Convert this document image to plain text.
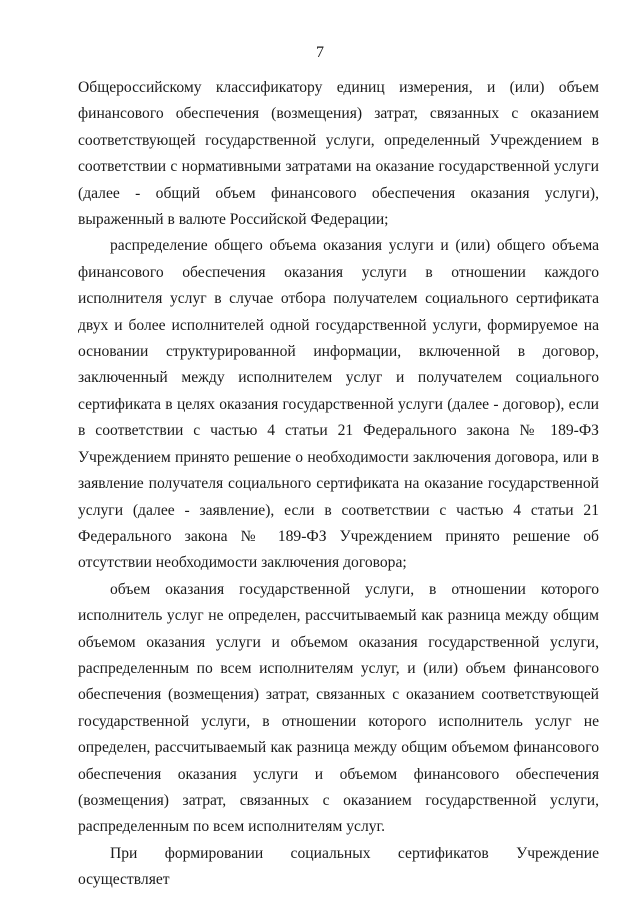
7

Общероссийскому классификатору единиц измерения, и (или) объем финансового обеспечения (возмещения) затрат, связанных с оказанием соответствующей государственной услуги, определенный Учреждением в соответствии с нормативными затратами на оказание государственной услуги (далее - общий объем финансового обеспечения оказания услуги), выраженный в валюте Российской Федерации;

распределение общего объема оказания услуги и (или) общего объема финансового обеспечения оказания услуги в отношении каждого исполнителя услуг в случае отбора получателем социального сертификата двух и более исполнителей одной государственной услуги, формируемое на основании структурированной информации, включенной в договор, заключенный между исполнителем услуг и получателем социального сертификата в целях оказания государственной услуги (далее - договор), если в соответствии с частью 4 статьи 21 Федерального закона № 189-ФЗ Учреждением принято решение о необходимости заключения договора, или в заявление получателя социального сертификата на оказание государственной услуги (далее - заявление), если в соответствии с частью 4 статьи 21 Федерального закона № 189-ФЗ Учреждением принято решение об отсутствии необходимости заключения договора;

объем оказания государственной услуги, в отношении которого исполнитель услуг не определен, рассчитываемый как разница между общим объемом оказания услуги и объемом оказания государственной услуги, распределенным по всем исполнителям услуг, и (или) объем финансового обеспечения (возмещения) затрат, связанных с оказанием соответствующей государственной услуги, в отношении которого исполнитель услуг не определен, рассчитываемый как разница между общим объемом финансового обеспечения оказания услуги и объемом финансового обеспечения (возмещения) затрат, связанных с оказанием государственной услуги, распределенным по всем исполнителям услуг.

При формировании социальных сертификатов Учреждение осуществляет
